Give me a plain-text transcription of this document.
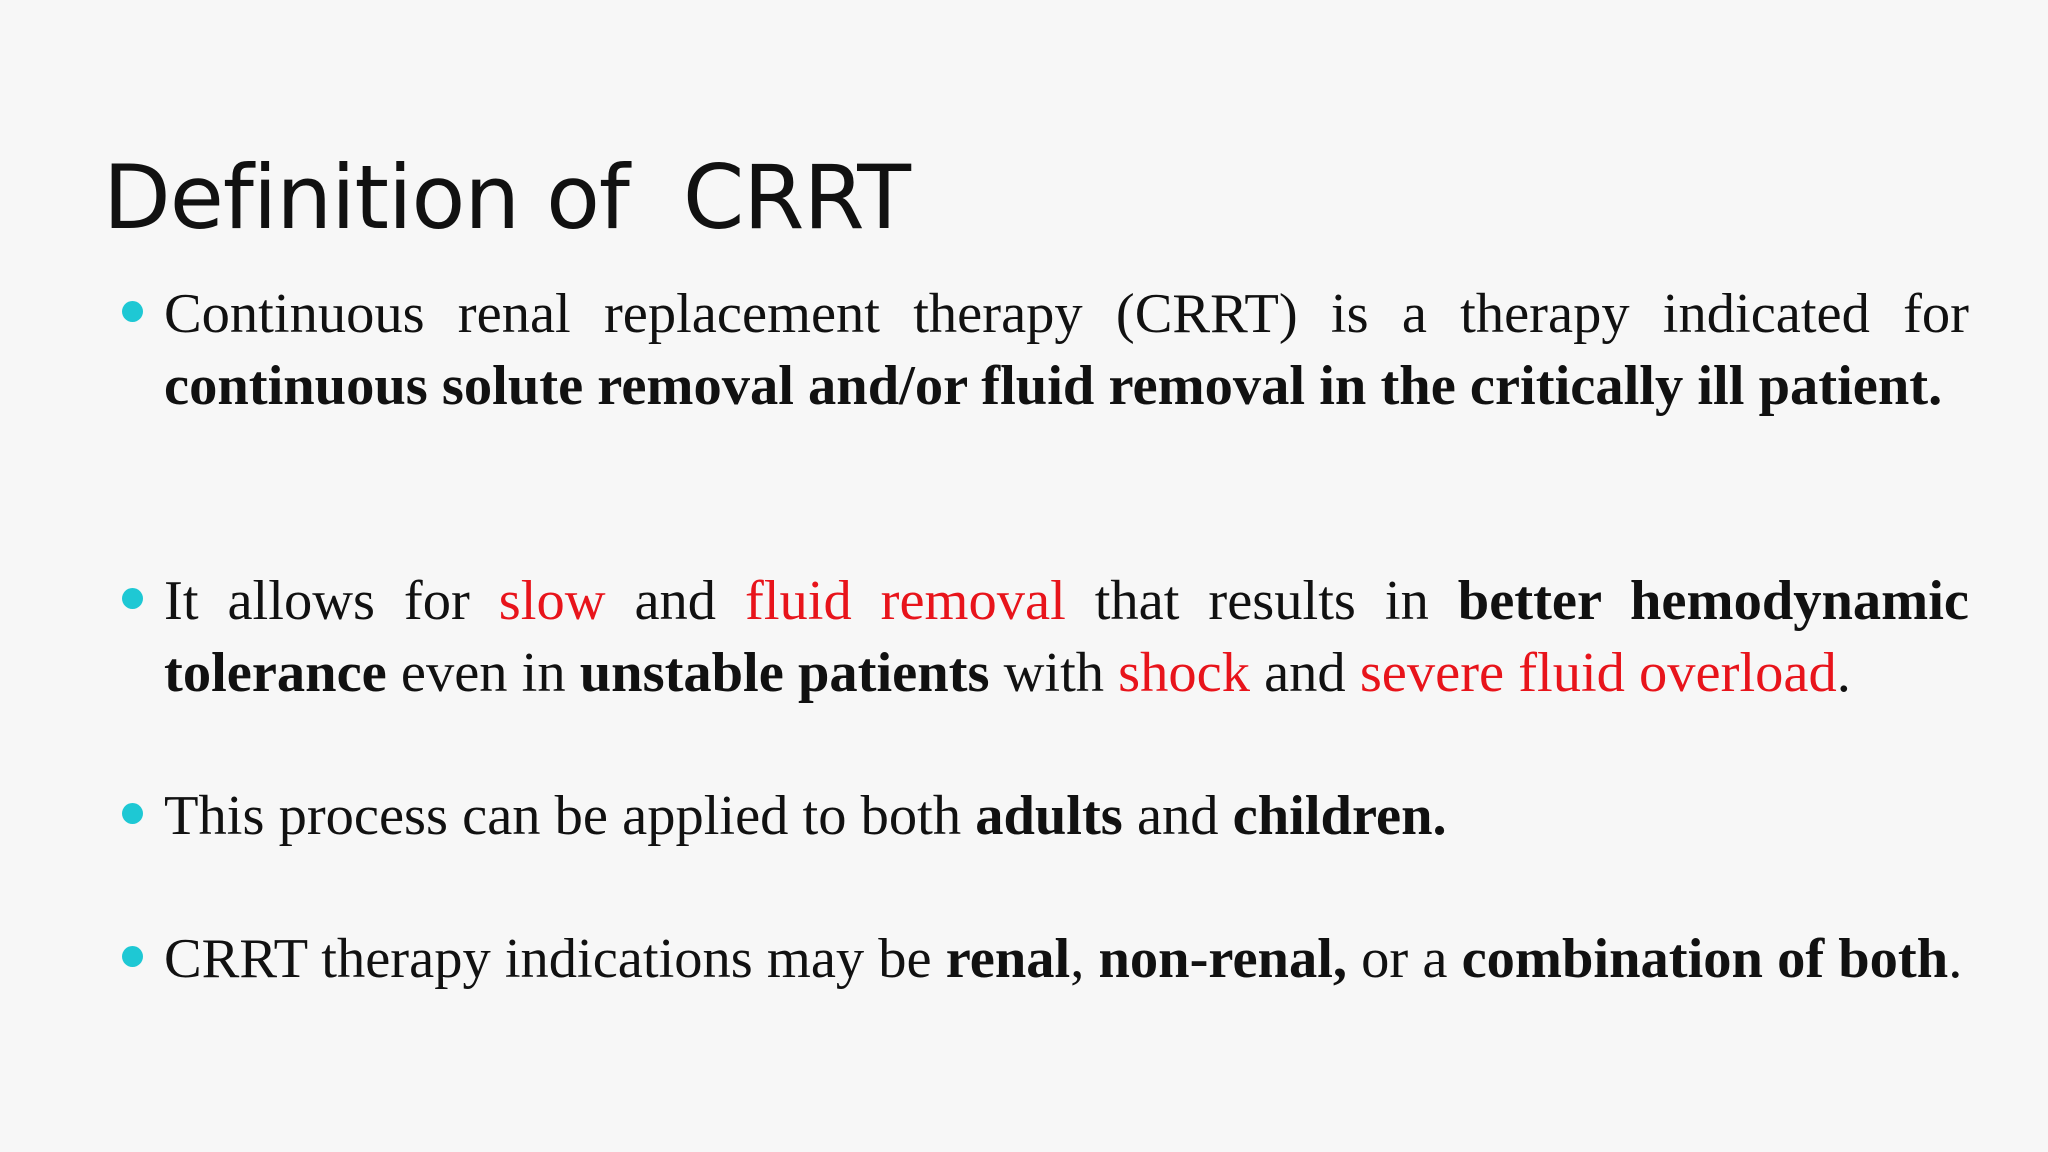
Definition of  CRRT
Continuous renal replacement therapy (CRRT) is a therapy indicated for continuous solute removal and/or fluid removal in the critically ill patient.
It allows for slow and fluid removal that results in better hemodynamic tolerance even in unstable patients with shock and severe fluid overload.
This process can be applied to both adults and children.
CRRT therapy indications may be renal, non-renal, or a combination of both.
